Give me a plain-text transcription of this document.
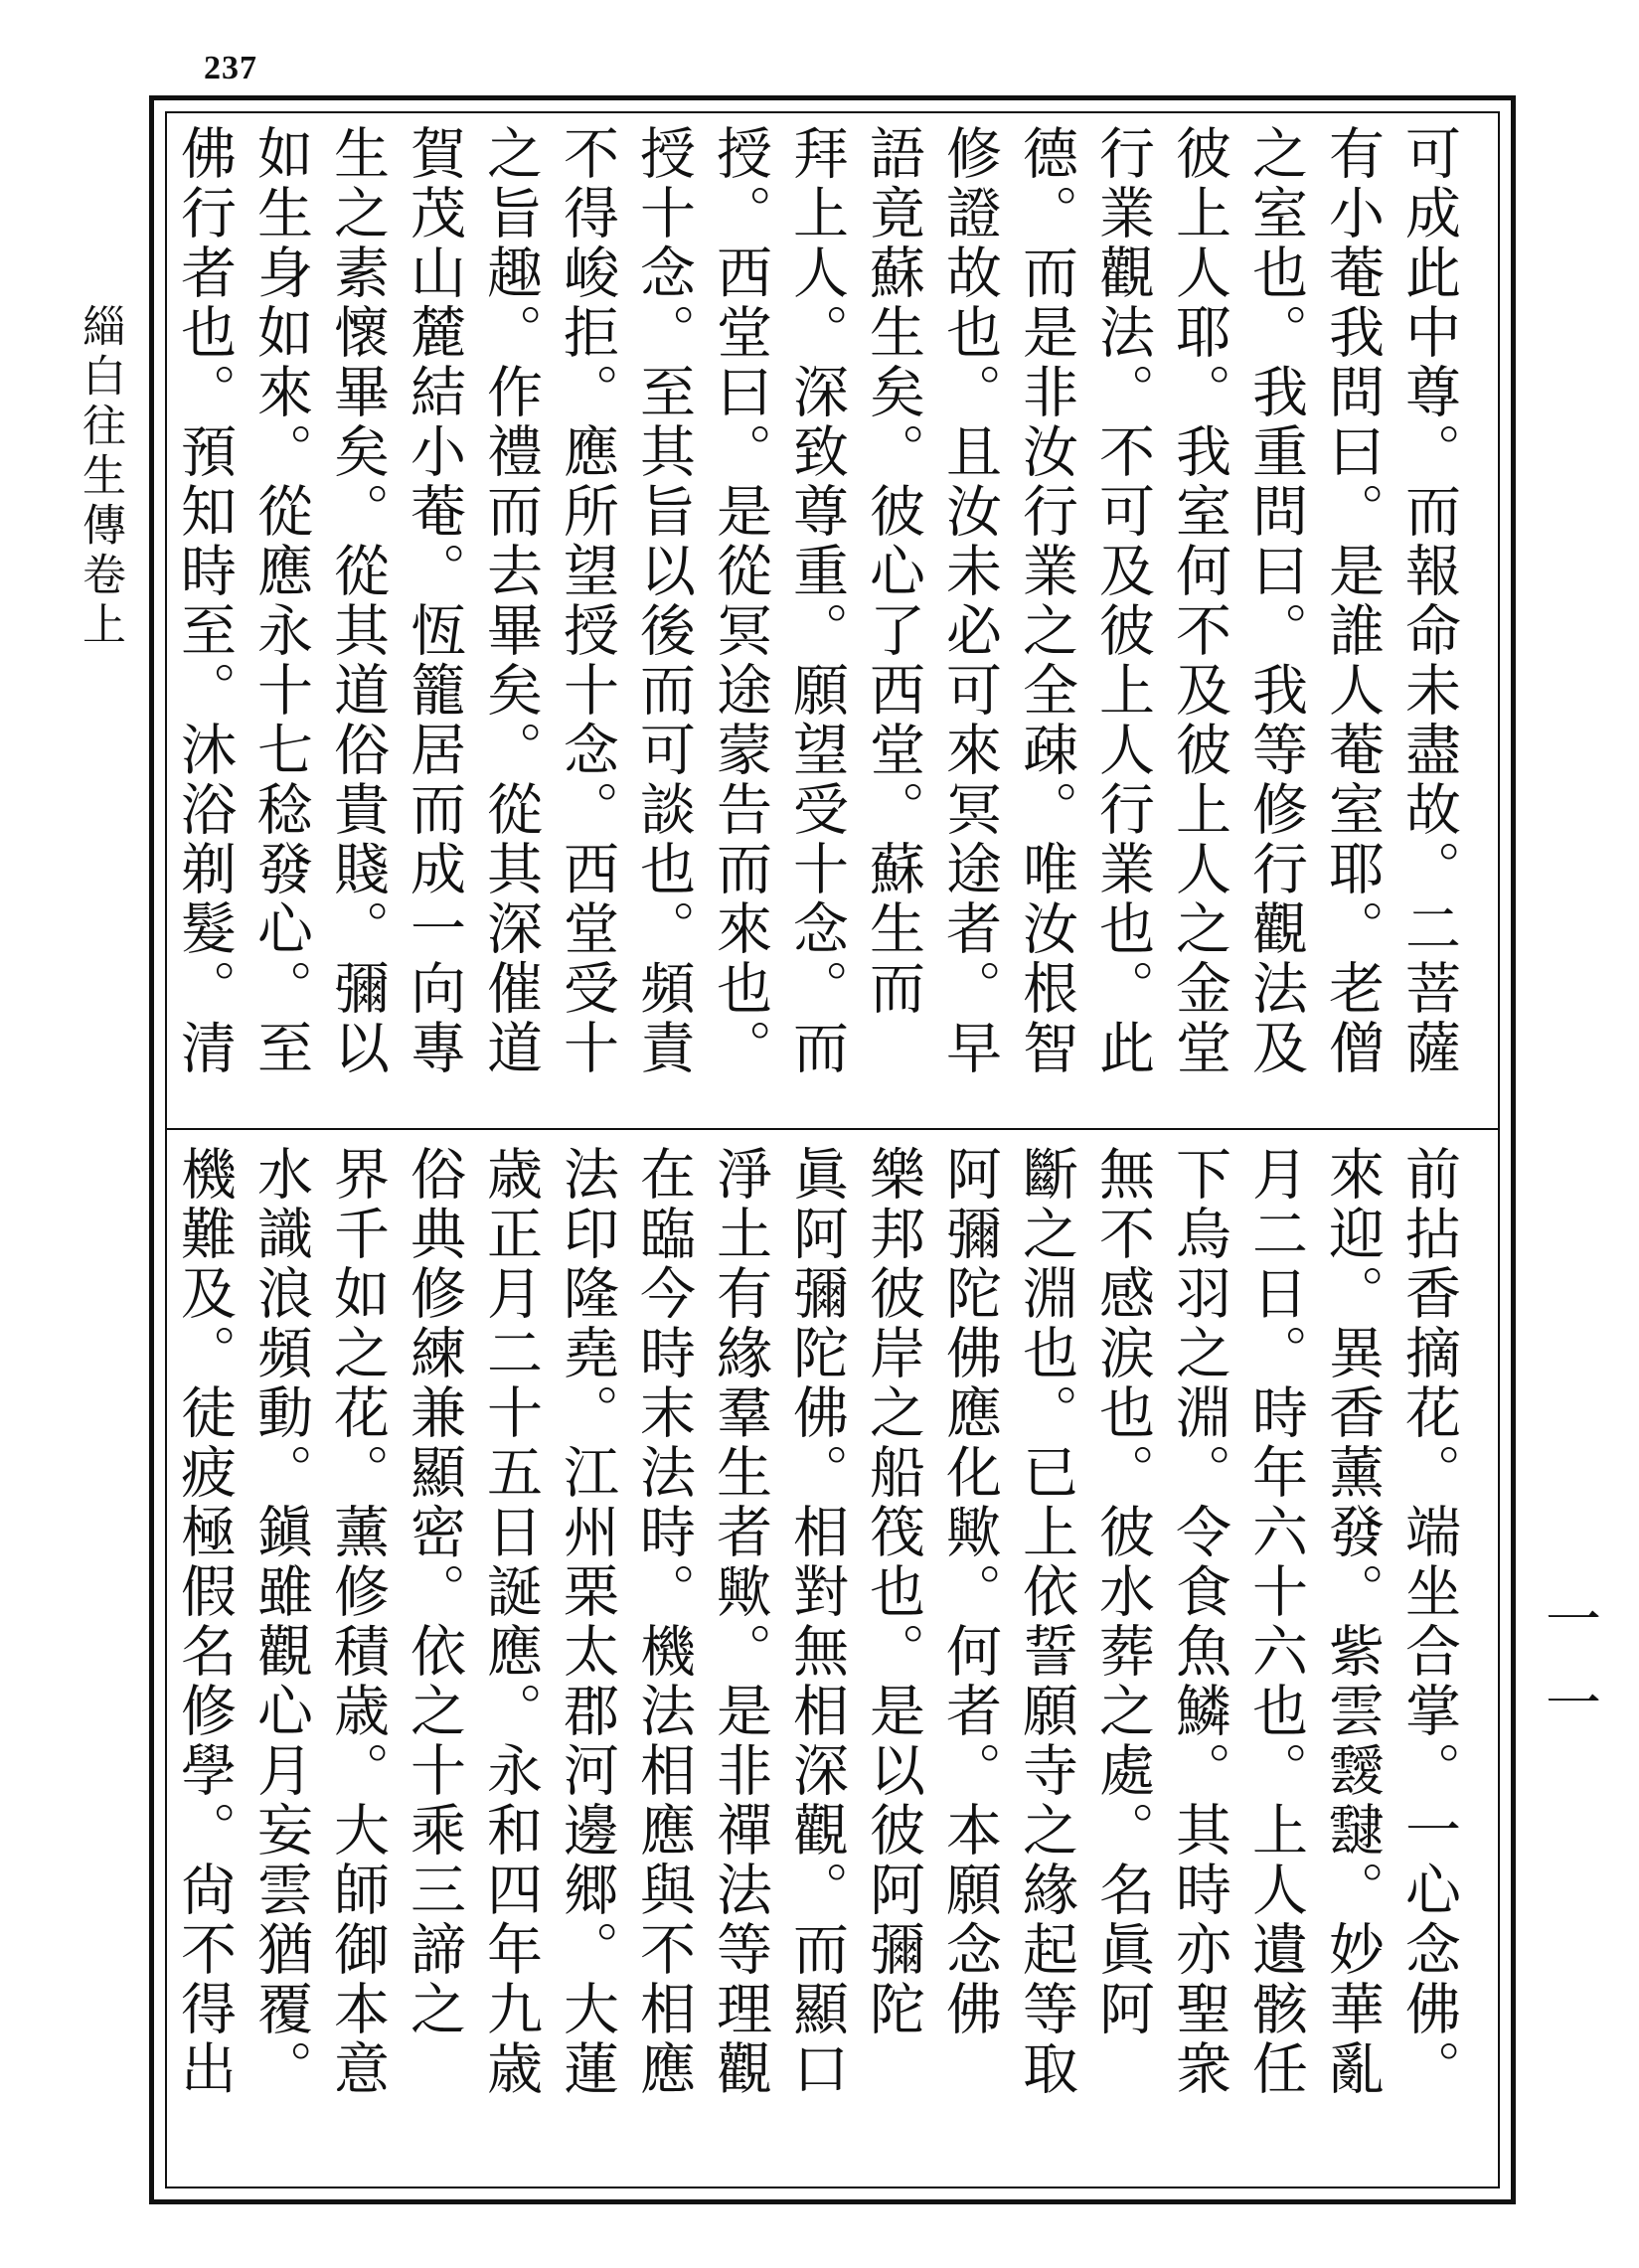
237
緇白往生傳卷上
可成此中尊。而報命未盡故。二菩薩
有小菴我問曰。是誰人菴室耶。老僧
之室也。我重問曰。我等修行觀法及
彼上人耶。我室何不及彼上人之金堂
行業觀法。不可及彼上人行業也。此
德。而是非汝行業之全疎。唯汝根智
修證故也。且汝未必可來冥途者。早
語竟蘇生矣。彼心了西堂。蘇生而
拜上人。深致尊重。願望受十念。而
授。西堂曰。是從冥途蒙告而來也。
授十念。至其旨以後而可談也。頻責
不得峻拒。應所望授十念。西堂受十
之旨趣。作禮而去畢矣。從其深催道
賀茂山麓結小菴。恆籠居而成一向專
生之素懷畢矣。從其道俗貴賤。彌以
如生身如來。從應永十七稔發心。至
佛行者也。預知時至。沐浴剃髮。清
前拈香摘花。端坐合掌。一心念佛。
來迎。異香薰發。紫雲靉靆。妙華亂
月二日。時年六十六也。上人遺骸任
下烏羽之淵。令食魚鱗。其時亦聖衆
無不感涙也。彼水葬之處。名眞阿
斷之淵也。已上依誓願寺之緣起等取
阿彌陀佛應化歟。何者。本願念佛
樂邦彼岸之船筏也。是以彼阿彌陀
眞阿彌陀佛。相對無相深觀。而顯口
淨土有緣羣生者歟。是非禪法等理觀
在臨今時末法時。機法相應與不相應
法印隆堯。江州栗太郡河邊郷。大蓮
歳正月二十五日誕應。永和四年九歳
俗典修練兼顯密。依之十乘三諦之
界千如之花。薰修積歳。大師御本意
水識浪頻動。鎭雖觀心月妄雲猶覆。
機難及。徒疲極假名修學。尙不得出
一一
